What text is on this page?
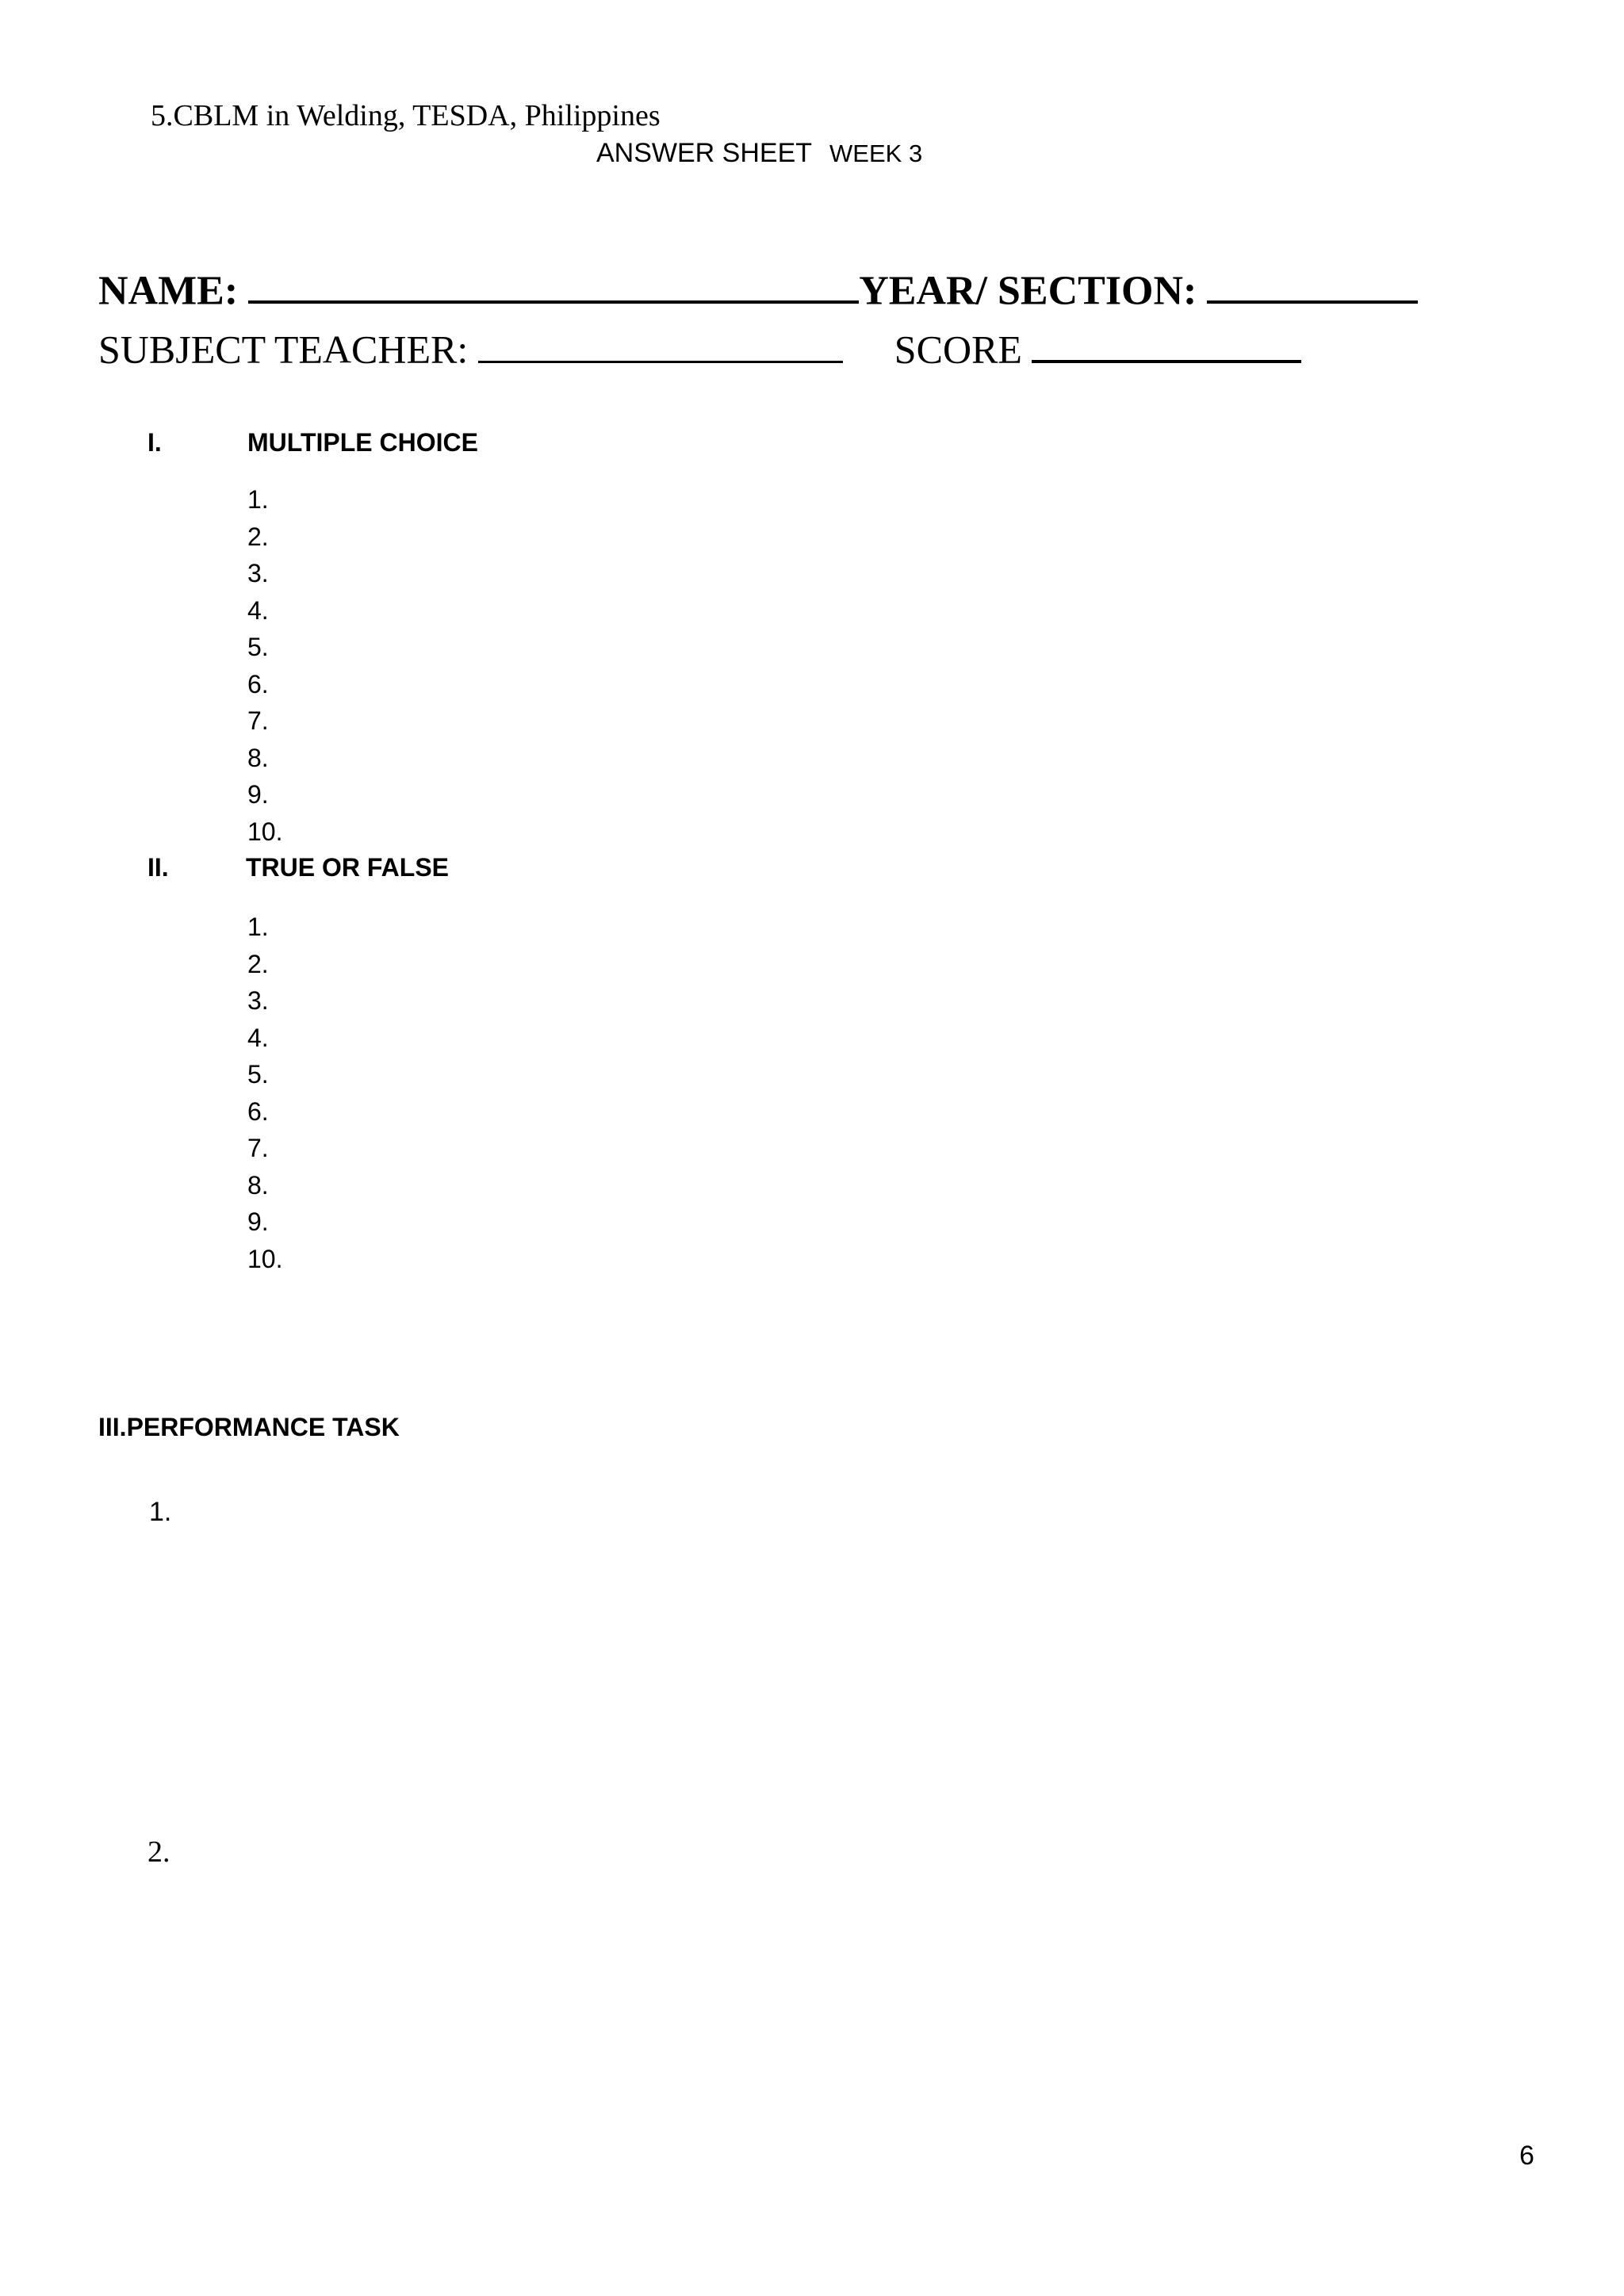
5.CBLM in Welding, TESDA, Philippines
ANSWER SHEET WEEK 3
NAME:	YEAR/ SECTION:
SUBJECT TEACHER:	SCORE
I.	MULTIPLE CHOICE
1.
2.
3.
4.
5.
6.
7.
8.
9.
10.
II.	TRUE OR FALSE
1.
2.
3.
4.
5.
6.
7.
8.
9.
10.
III.PERFORMANCE TASK
1.
2.
6
